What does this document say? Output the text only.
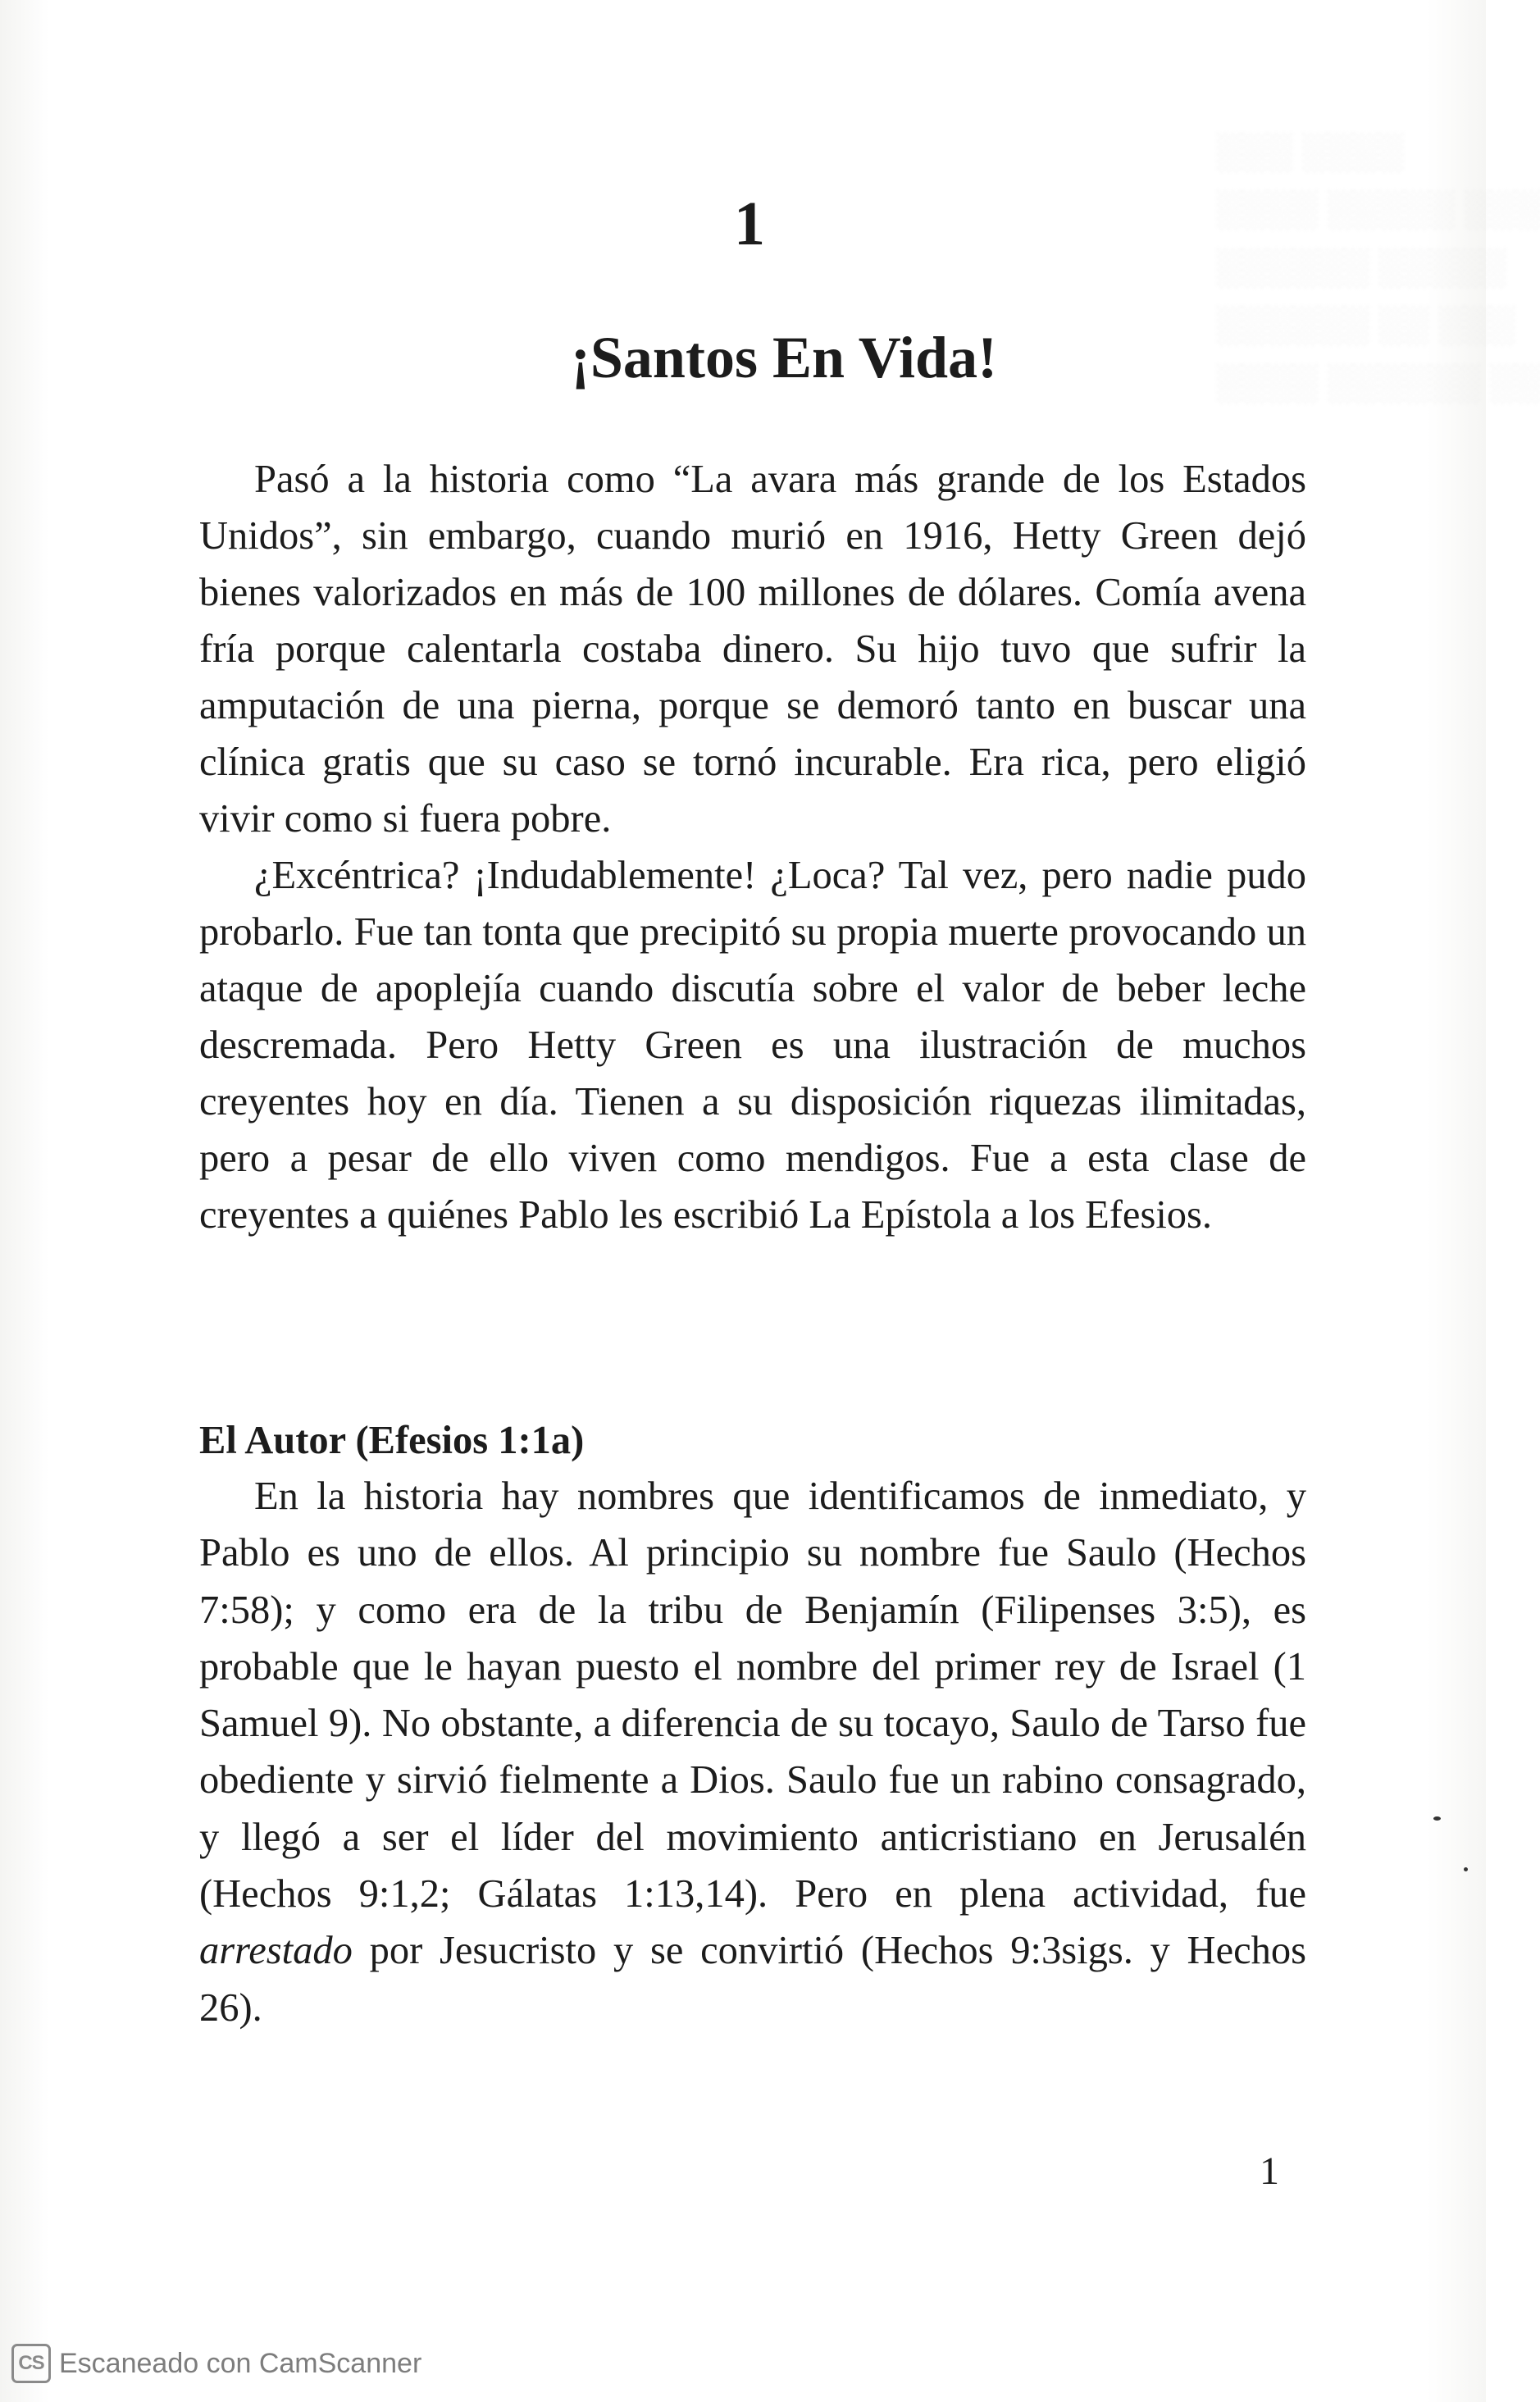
░░░ ░░░░
░░░░ ░░░░░ ░░░
░░░░░░ ░░░░░
░░░░░░ ░░ ░░░
░░░░ ░░░░░░ ░░

1
¡Santos En Vida!

Pasó a la historia como “La avara más grande de los Estados Unidos”, sin embargo, cuando murió en 1916, Hetty Green dejó bienes valorizados en más de 100 millones de dólares. Comía avena fría porque calentarla costaba dinero. Su hijo tuvo que sufrir la amputación de una pierna, porque se demoró tanto en buscar una clínica gratis que su caso se tornó incurable. Era rica, pero eligió vivir como si fuera pobre.

¿Excéntrica? ¡Indudablemente! ¿Loca? Tal vez, pero nadie pudo probarlo. Fue tan tonta que precipitó su propia muerte provocando un ataque de apoplejía cuando discutía sobre el valor de beber leche descremada. Pero Hetty Green es una ilustración de muchos creyentes hoy en día. Tienen a su disposición riquezas ilimitadas, pero a pesar de ello viven como mendigos. Fue a esta clase de creyentes a quiénes Pablo les escribió La Epístola a los Efesios.

El Autor (Efesios 1:1a)

En la historia hay nombres que identificamos de inmediato, y Pablo es uno de ellos. Al principio su nombre fue Saulo (Hechos 7:58); y como era de la tribu de Benjamín (Filipenses 3:5), es probable que le hayan puesto el nombre del primer rey de Israel (1 Samuel 9). No obstante, a diferencia de su tocayo, Saulo de Tarso fue obediente y sirvió fielmente a Dios. Saulo fue un rabino consagrado, y llegó a ser el líder del movimiento anticristiano en Jerusalén (Hechos 9:1,2; Gálatas 1:13,14). Pero en plena actividad, fue arrestado por Jesucristo y se convirtió (Hechos 9:3sigs. y Hechos 26).

1
CS Escaneado con CamScanner
